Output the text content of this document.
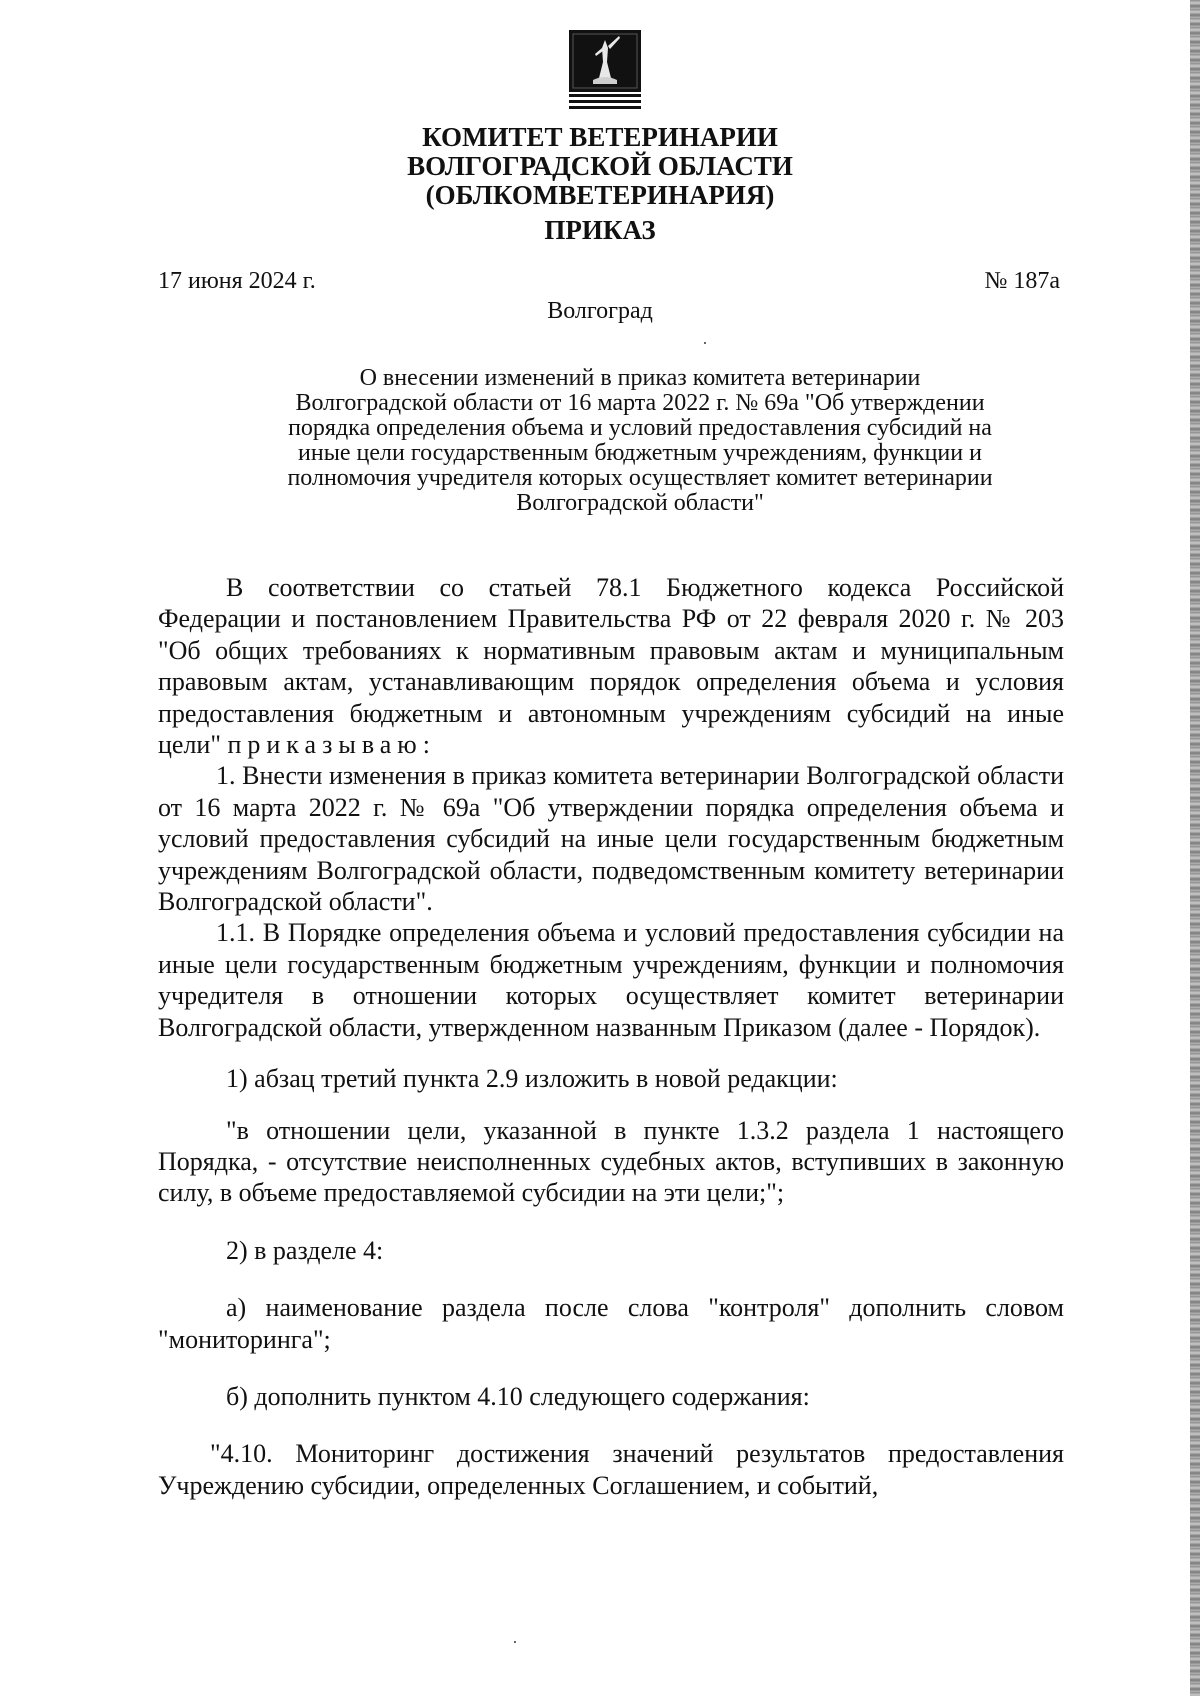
КОМИТЕТ ВЕТЕРИНАРИИ
ВОЛГОГРАДСКОЙ ОБЛАСТИ
(ОБЛКОМВЕТЕРИНАРИЯ)
ПРИКАЗ
17 июня 2024 г.	№ 187а
Волгоград
О внесении изменений в приказ комитета ветеринарии
Волгоградской области от 16 марта 2022 г. № 69а "Об утверждении
порядка определения объема и условий предоставления субсидий на
иные цели государственным бюджетным учреждениям, функции и
полномочия учредителя которых осуществляет комитет ветеринарии
Волгоградской области"

В соответствии со статьей 78.1 Бюджетного кодекса Российской Федерации и постановлением Правительства РФ от 22 февраля 2020 г. № 203 "Об общих требованиях к нормативным правовым актам и муниципальным правовым актам, устанавливающим порядок определения объема и условия предоставления бюджетным и автономным учреждениям субсидий на иные цели" приказываю:

1. Внести изменения в приказ комитета ветеринарии Волгоградской области от 16 марта 2022 г. № 69а "Об утверждении порядка определения объема и условий предоставления субсидий на иные цели государственным бюджетным учреждениям Волгоградской области, подведомственным комитету ветеринарии Волгоградской области".

1.1. В Порядке определения объема и условий предоставления субсидии на иные цели государственным бюджетным учреждениям, функции и полномочия учредителя в отношении которых осуществляет комитет ветеринарии Волгоградской области, утвержденном названным Приказом (далее - Порядок).

1) абзац третий пункта 2.9 изложить в новой редакции:

"в отношении цели, указанной в пункте 1.3.2 раздела 1 настоящего Порядка, - отсутствие неисполненных судебных актов, вступивших в законную силу, в объеме предоставляемой субсидии на эти цели;";

2) в разделе 4:

а) наименование раздела после слова "контроля" дополнить словом "мониторинга";

б) дополнить пунктом 4.10 следующего содержания:

"4.10. Мониторинг достижения значений результатов предоставления Учреждению субсидии, определенных Соглашением, и событий,
